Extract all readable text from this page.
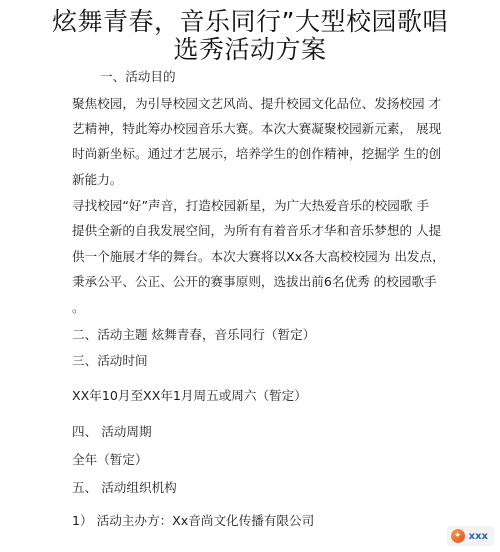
炫舞青春，音乐同行”大型校园歌唱
选秀活动方案
一、活动目的
聚焦校园，为引导校园文艺风尚、提升校园文化品位、发扬校园 才
艺精神，特此筹办校园音乐大赛。本次大赛凝聚校园新元素， 展现
时尚新坐标。通过才艺展示，培养学生的创作精神，挖掘学 生的创
新能力。
寻找校园“好”声音，打造校园新星，为广大热爱音乐的校园歌 手
提供全新的自我发展空间，为所有有着音乐才华和音乐梦想的 人提
供一个施展才华的舞台。本次大赛将以Xx各大高校校园为 出发点，
秉承公平、公正、公开的赛事原则，选拔出前6名优秀 的校园歌手
。
二、活动主题 炫舞青春，音乐同行（暂定）
三、活动时间
XX年10月至XX年1月周五或周六（暂定）
四、 活动周期
全年（暂定）
五、 活动组织机构
1） 活动主办方：Xx音尚文化传播有限公司
✦ xxx
